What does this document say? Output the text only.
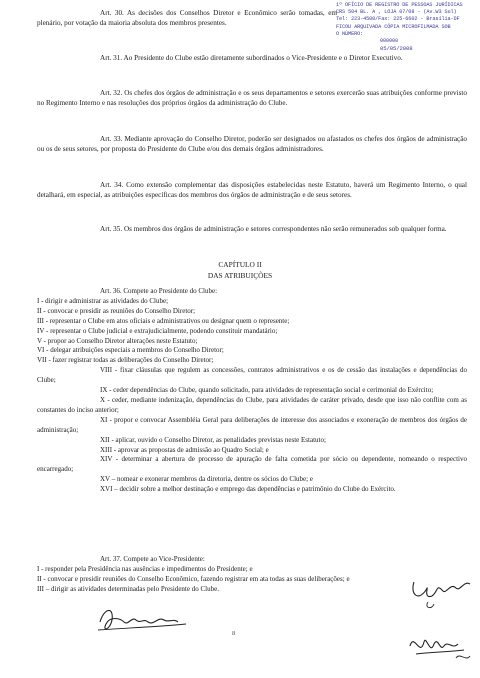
1º OFÍCIO DE REGISTRO DE PESSOAS JURÍDICAS
CRS 504 BL. A , LOJA 07/08 - (Av.W3 Sul)
Tel: 223-4500/Fax: 225-6602 - Brasília-DF
FICOU ARQUIVADA CÓPIA MICROFILMADA SOB
O NÚMERO:
000000
05/05/2008
Art. 30. As decisões dos Conselhos Diretor e Econômico serão tomadas, em plenário, por votação da maioria absoluta dos membros presentes.
Art. 31. Ao Presidente do Clube estão diretamente subordinados o Vice-Presidente e o Diretor Executivo.
Art. 32. Os chefes dos órgãos de administração e os seus departamentos e setores exercerão suas atribuições conforme previsto no Regimento Interno e nas resoluções dos próprios órgãos da administração do Clube.
Art. 33. Mediante aprovação do Conselho Diretor, poderão ser designados ou afastados os chefes dos órgãos de administração ou os de seus setores, por proposta do Presidente do Clube e/ou dos demais órgãos administradores.
Art. 34. Como extensão complementar das disposições estabelecidas neste Estatuto, haverá um Regimento Interno, o qual detalhará, em especial, as atribuições específicas dos membros dos órgãos de administração e de seus setores.
Art. 35. Os membros dos órgãos de administração e setores correspondentes não serão remunerados sob qualquer forma.
CAPÍTULO II
DAS ATRIBUIÇÕES
Art. 36. Compete ao Presidente do Clube:
I - dirigir e administrar as atividades do Clube;
II - convocar e presidir as reuniões do Conselho Diretor;
III - representar o Clube em atos oficiais e administrativos ou designar quem o represente;
IV - representar o Clube judicial e extrajudicialmente, podendo constituir mandatário;
V - propor ao Conselho Diretor alterações neste Estatuto;
VI - delegar atribuições especiais a membros do Conselho Diretor;
VII - fazer registrar todas as deliberações do Conselho Diretor;
VIII - fixar cláusulas que regulem as concessões, contratos administrativos e os de cessão das instalações e dependências do Clube;
IX - ceder dependências do Clube, quando solicitado, para atividades de representação social e cerimonial do Exército;
X - ceder, mediante indenização, dependências do Clube, para atividades de caráter privado, desde que isso não conflite com as constantes do inciso anterior;
XI - propor e convocar Assembléia Geral para deliberações de interesse dos associados e exoneração de membros dos órgãos de administração;
XII - aplicar, ouvido o Conselho Diretor, as penalidades previstas neste Estatuto;
XIII - aprovar as propostas de admissão ao Quadro Social; e
XIV - determinar a abertura de processo de apuração de falta cometida por sócio ou dependente, nomeando o respectivo encarregado;
XV – nomear e exonerar membros da diretoria, dentre os sócios do Clube; e
XVI – decidir sobre a melhor destinação e emprego das dependências e patrimônio do Clube do Exército.
Art. 37. Compete ao Vice-Presidente:
I - responder pela Presidência nas ausências e impedimentos do Presidente; e
II - convocar e presidir reuniões do Conselho Econômico, fazendo registrar em ata todas as suas deliberações; e
III – dirigir as atividades determinadas pelo Presidente do Clube.
8
